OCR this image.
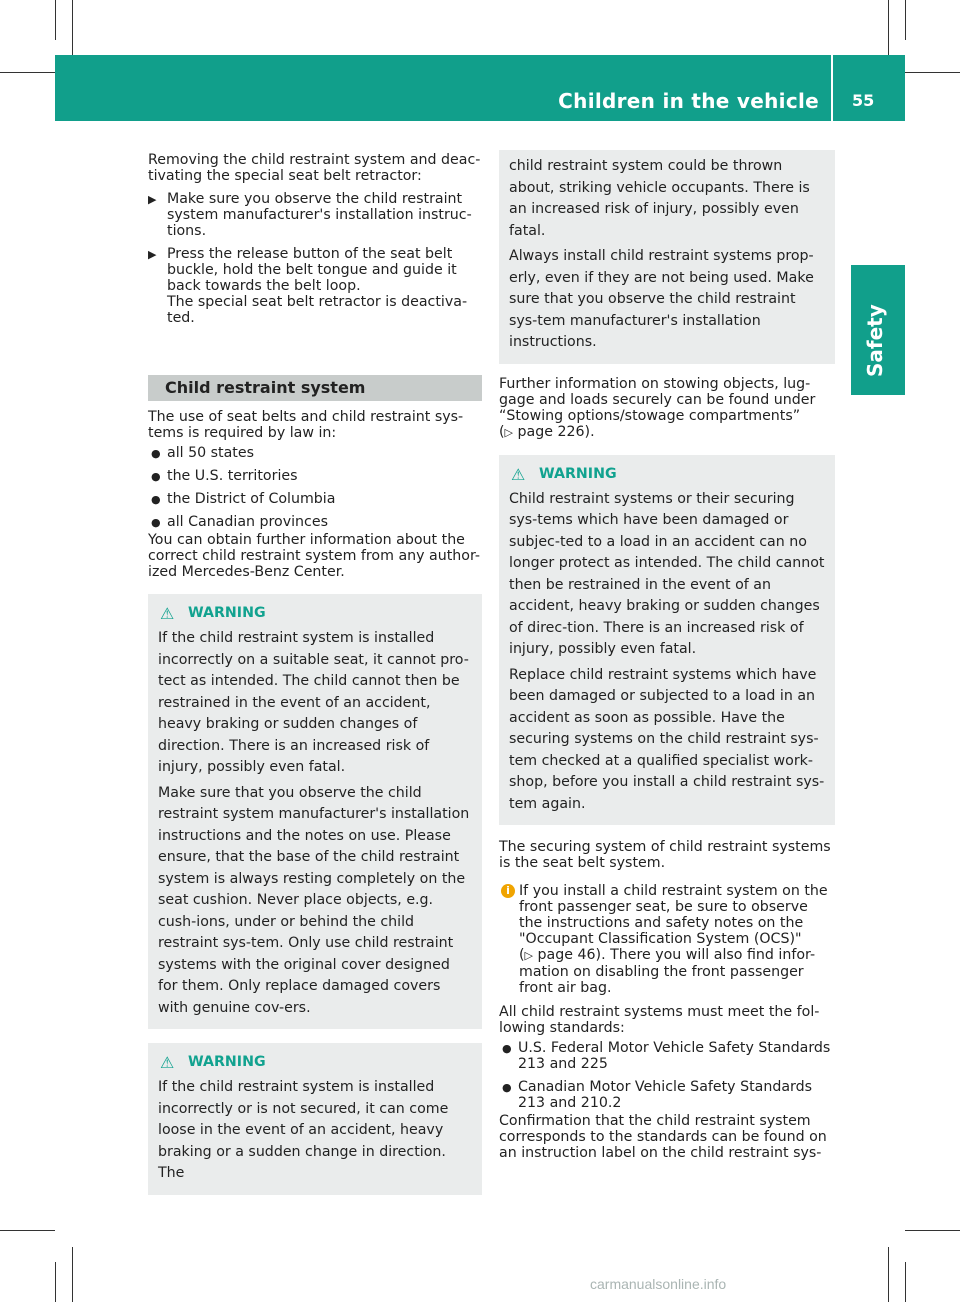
Children in the vehicle 55
Safety

Removing the child restraint system and deac-tivating the special seat belt retractor:

▶ Make sure you observe the child restraint system manufacturer's installation instruc-tions.
▶ Press the release button of the seat belt buckle, hold the belt tongue and guide it back towards the belt loop.
The special seat belt retractor is deactiva-ted.
Child restraint system

The use of seat belts and child restraint sys-tems is required by law in:

● all 50 states
● the U.S. territories
● the District of Columbia
● all Canadian provinces

You can obtain further information about the correct child restraint system from any author-ized Mercedes-Benz Center.

⚠ WARNING

If the child restraint system is installed incorrectly on a suitable seat, it cannot pro-tect as intended. The child cannot then be restrained in the event of an accident, heavy braking or sudden changes of direction. There is an increased risk of injury, possibly even fatal.

Make sure that you observe the child restraint system manufacturer's installation instructions and the notes on use. Please ensure, that the base of the child restraint system is always resting completely on the seat cushion. Never place objects, e.g. cush-ions, under or behind the child restraint sys-tem. Only use child restraint systems with the original cover designed for them. Only replace damaged covers with genuine cov-ers.

⚠ WARNING

If the child restraint system is installed incorrectly or is not secured, it can come loose in the event of an accident, heavy braking or a sudden change in direction. The

child restraint system could be thrown about, striking vehicle occupants. There is an increased risk of injury, possibly even fatal.

Always install child restraint systems prop-erly, even if they are not being used. Make sure that you observe the child restraint sys-tem manufacturer's installation instructions.

Further information on stowing objects, lug-gage and loads securely can be found under “Stowing options/stowage compartments”
(▷ page 226).

⚠ WARNING

Child restraint systems or their securing sys-tems which have been damaged or subjec-ted to a load in an accident can no longer protect as intended. The child cannot then be restrained in the event of an accident, heavy braking or sudden changes of direc-tion. There is an increased risk of injury, possibly even fatal.

Replace child restraint systems which have been damaged or subjected to a load in an accident as soon as possible. Have the securing systems on the child restraint sys-tem checked at a qualified specialist work-shop, before you install a child restraint sys-tem again.

The securing system of child restraint systems is the seat belt system.

i If you install a child restraint system on the front passenger seat, be sure to observe the instructions and safety notes on the "Occupant Classification System (OCS)"
(▷ page 46). There you will also find infor-mation on disabling the front passenger front air bag.

All child restraint systems must meet the fol-lowing standards:

● U.S. Federal Motor Vehicle Safety Standards 213 and 225
● Canadian Motor Vehicle Safety Standards 213 and 210.2

Confirmation that the child restraint system corresponds to the standards can be found on an instruction label on the child restraint sys-

carmanualsonline.info
